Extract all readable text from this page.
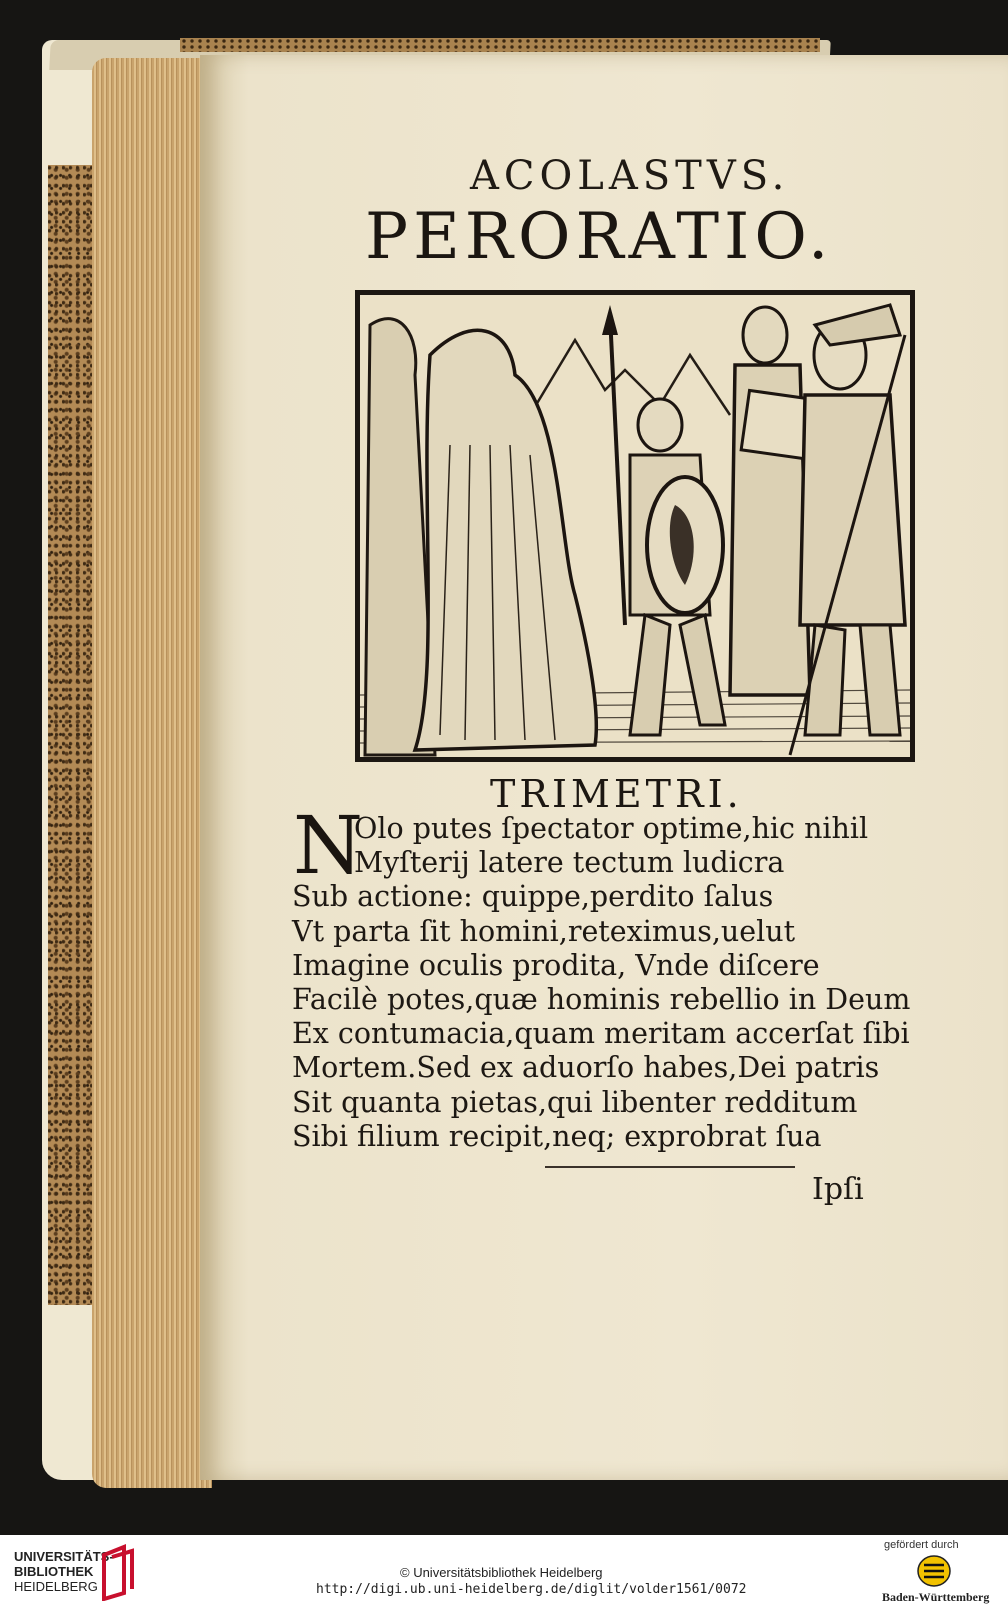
ACOLASTVS.
PERORATIO.
TRIMETRI.
N
Olo putes ſpectator optime,hic nihil
Myſterij latere tectum ludicra
Sub actione: quippe,perdito ſalus
Vt parta ſit homini,reteximus,uelut
Imagine oculis prodita, Vnde diſcere
Facilè potes,quæ hominis rebellio in Deum
Ex contumacia,quam meritam accerſat ſibi
Mortem.Sed ex aduorſo habes,Dei patris
Sit quanta pietas,qui libenter redditum
Sibi filium recipit,neq; exprobrat ſua
Ipſi
UNIVERSITÄTS-
BIBLIOTHEK
HEIDELBERG
© Universitätsbibliothek Heidelberg
http://digi.ub.uni-heidelberg.de/diglit/volder1561/0072
gefördert durch
Baden-Württemberg
